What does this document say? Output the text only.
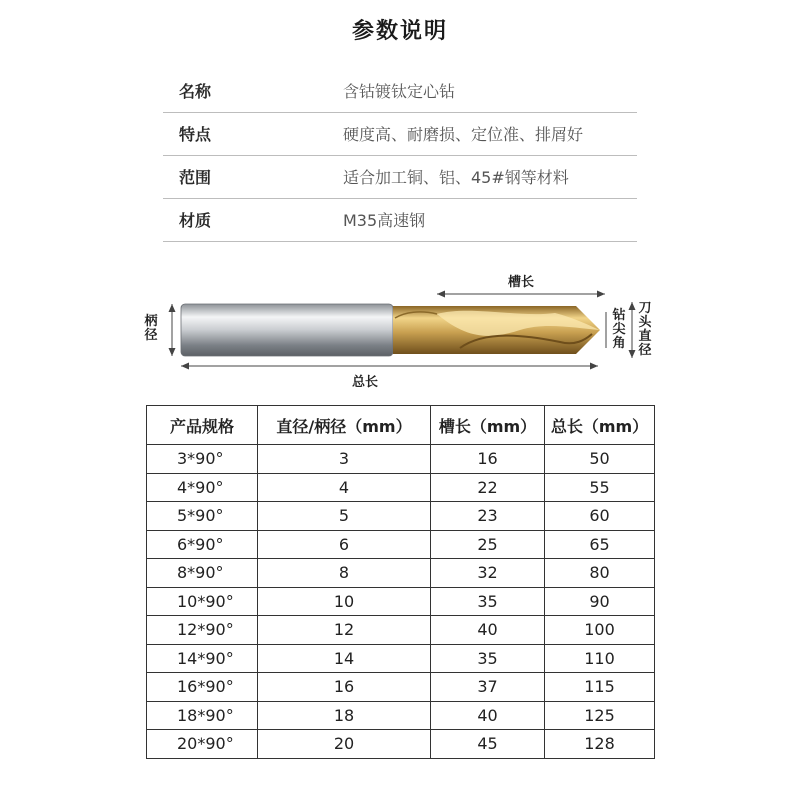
参数说明
名称	含钴镀钛定心钻
特点	硬度高、耐磨损、定位准、排屑好
范围	适合加工铜、铝、45#钢等材料
材质	M35高速钢
槽长
总长
柄
径
钻
尖
角
刀
头
直
径
产品规格	直径/柄径（mm）	槽长（mm）	总长（mm）
3*90°	3	16	50
4*90°	4	22	55
5*90°	5	23	60
6*90°	6	25	65
8*90°	8	32	80
10*90°	10	35	90
12*90°	12	40	100
14*90°	14	35	110
16*90°	16	37	115
18*90°	18	40	125
20*90°	20	45	128
